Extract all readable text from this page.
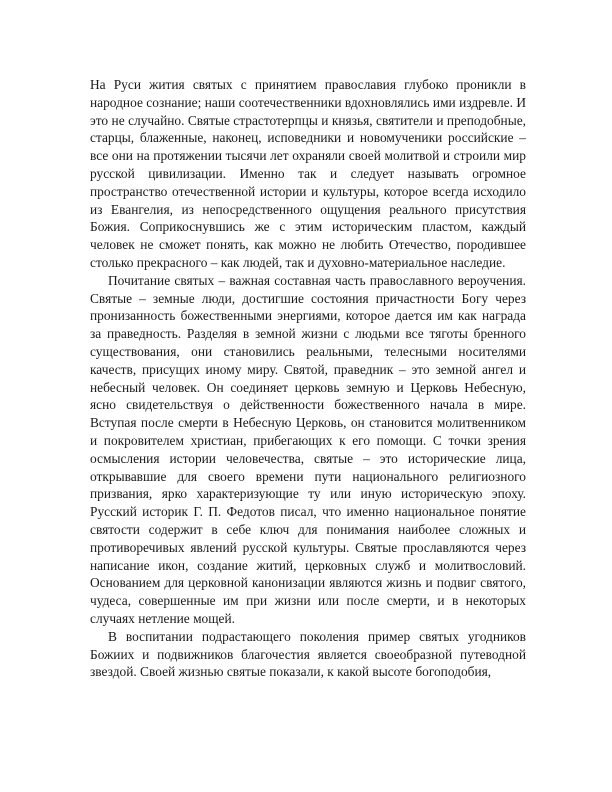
На Руси жития святых с принятием православия глубоко проникли в народное сознание; наши соотечественники вдохновлялись ими издревле. И это не случайно. Святые страстотерпцы и князья, святители и преподобные, старцы, блаженные, наконец, исповедники и новомученики российские – все они на протяжении тысячи лет охраняли своей молитвой и строили мир русской цивилизации. Именно так и следует называть огромное пространство отечественной истории и культуры, которое всегда исходило из Евангелия, из непосредственного ощущения реального присутствия Божия. Соприкоснувшись же с этим историческим пластом, каждый человек не сможет понять, как можно не любить Отечество, породившее столько прекрасного – как людей, так и духовно-материальное наследие.

Почитание святых – важная составная часть православного вероучения. Святые – земные люди, достигшие состояния причастности Богу через пронизанность божественными энергиями, которое дается им как награда за праведность. Разделяя в земной жизни с людьми все тяготы бренного существования, они становились реальными, телесными носителями качеств, присущих иному миру. Святой, праведник – это земной ангел и небесный человек. Он соединяет церковь земную и Церковь Небесную, ясно свидетельствуя о действенности божественного начала в мире. Вступая после смерти в Небесную Церковь, он становится молитвенником и покровителем христиан, прибегающих к его помощи. С точки зрения осмысления истории человечества, святые – это исторические лица, открывавшие для своего времени пути национального религиозного призвания, ярко характеризующие ту или иную историческую эпоху. Русский историк Г. П. Федотов писал, что именно национальное понятие святости содержит в себе ключ для понимания наиболее сложных и противоречивых явлений русской культуры. Святые прославляются через написание икон, создание житий, церковных служб и молитвословий. Основанием для церковной канонизации являются жизнь и подвиг святого, чудеса, совершенные им при жизни или после смерти, и в некоторых случаях нетление мощей.

В воспитании подрастающего поколения пример святых угодников Божиих и подвижников благочестия является своеобразной путеводной звездой. Своей жизнью святые показали, к какой высоте богоподобия,
